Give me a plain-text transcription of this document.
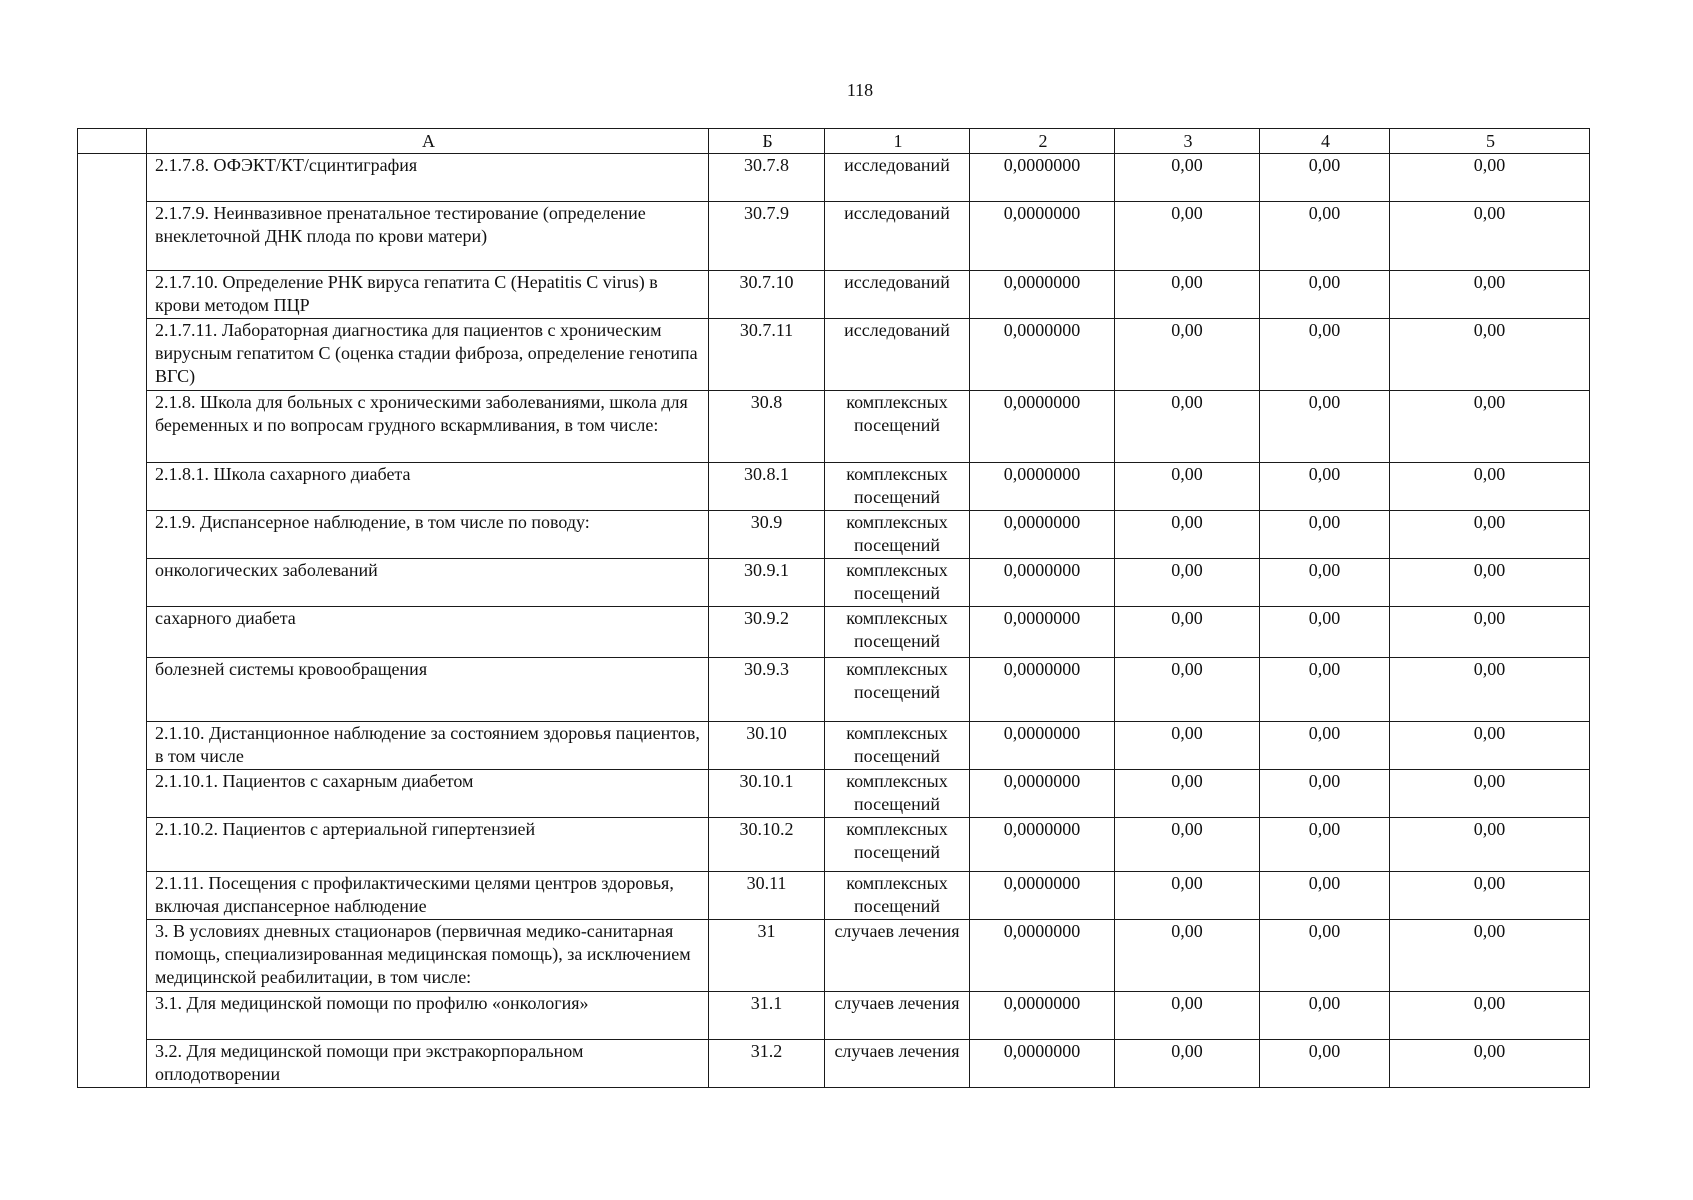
118
	А	Б	1	2	3	4	5
	2.1.7.8. ОФЭКТ/КТ/сцинтиграфия	30.7.8	исследований	0,0000000	0,00	0,00	0,00
	2.1.7.9. Неинвазивное пренатальное тестирование (определение внеклеточной ДНК плода по крови матери)	30.7.9	исследований	0,0000000	0,00	0,00	0,00
	2.1.7.10. Определение РНК вируса гепатита С (Hepatitis C virus) в крови методом ПЦР	30.7.10	исследований	0,0000000	0,00	0,00	0,00
	2.1.7.11. Лабораторная диагностика для пациентов с хроническим вирусным гепатитом С (оценка стадии фиброза, определение генотипа ВГС)	30.7.11	исследований	0,0000000	0,00	0,00	0,00
	2.1.8. Школа для больных с хроническими заболеваниями, школа для беременных и по вопросам грудного вскармливания, в том числе:	30.8	комплексных посещений	0,0000000	0,00	0,00	0,00
	2.1.8.1. Школа сахарного диабета	30.8.1	комплексных посещений	0,0000000	0,00	0,00	0,00
	2.1.9. Диспансерное наблюдение, в том числе по поводу:	30.9	комплексных посещений	0,0000000	0,00	0,00	0,00
	онкологических заболеваний	30.9.1	комплексных посещений	0,0000000	0,00	0,00	0,00
	сахарного диабета	30.9.2	комплексных посещений	0,0000000	0,00	0,00	0,00
	болезней системы кровообращения	30.9.3	комплексных посещений	0,0000000	0,00	0,00	0,00
	2.1.10. Дистанционное наблюдение за состоянием здоровья пациентов, в том числе	30.10	комплексных посещений	0,0000000	0,00	0,00	0,00
	2.1.10.1. Пациентов с сахарным диабетом	30.10.1	комплексных посещений	0,0000000	0,00	0,00	0,00
	2.1.10.2. Пациентов с артериальной гипертензией	30.10.2	комплексных посещений	0,0000000	0,00	0,00	0,00
	2.1.11. Посещения с профилактическими целями центров здоровья, включая диспансерное наблюдение	30.11	комплексных посещений	0,0000000	0,00	0,00	0,00
	3. В условиях дневных стационаров (первичная медико-санитарная помощь, специализированная медицинская помощь), за исключением медицинской реабилитации, в том числе:	31	случаев лечения	0,0000000	0,00	0,00	0,00
	3.1. Для медицинской помощи по профилю «онкология»	31.1	случаев лечения	0,0000000	0,00	0,00	0,00
	3.2. Для медицинской помощи при экстракорпоральном оплодотворении	31.2	случаев лечения	0,0000000	0,00	0,00	0,00
